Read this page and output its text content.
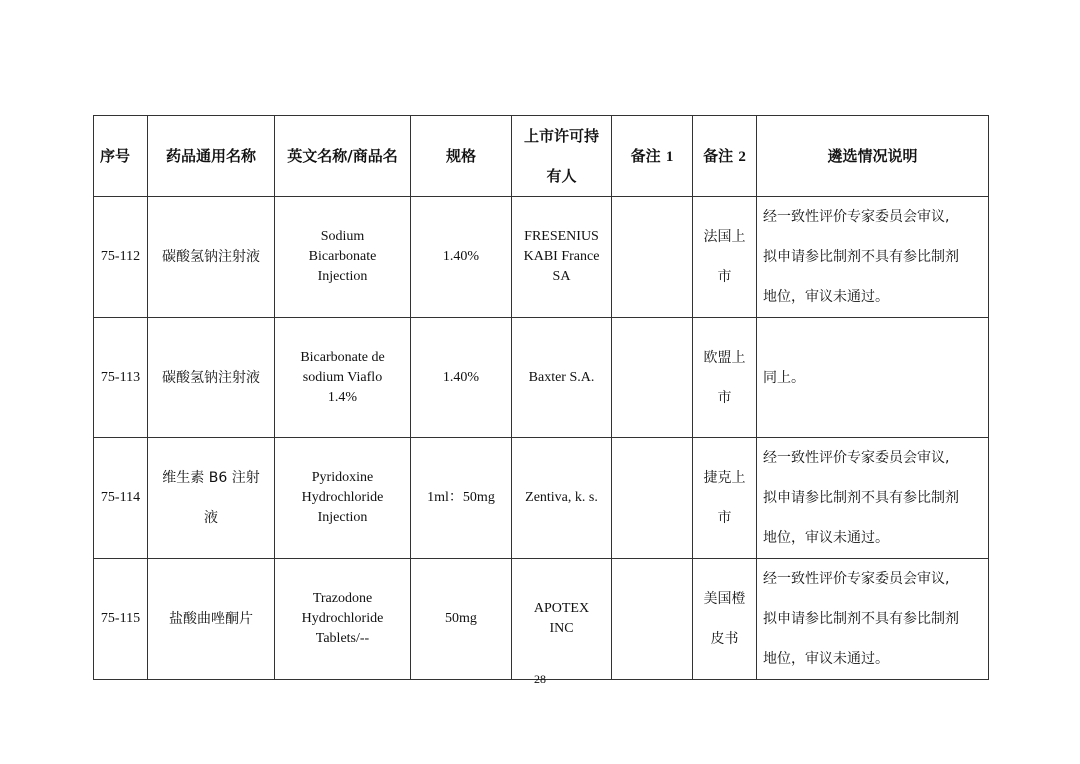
序号	药品通用名称	英文名称/商品名	规格	上市许可持
有人	备注 1	备注 2	遴选情况说明
75-112	碳酸氢钠注射液	Sodium
Bicarbonate
Injection	1.40%	FRESENIUS
KABI France
SA		法国上
市	经一致性评价专家委员会审议,
拟申请参比制剂不具有参比制剂
地位，审议未通过。

75-113	碳酸氢钠注射液	Bicarbonate de
sodium Viaflo
1.4%	1.40%	Baxter S.A.		欧盟上
市	同上。

75-114	维生素 B6 注射
液	Pyridoxine
Hydrochloride
Injection	1ml：50mg	Zentiva, k. s.		捷克上
市	经一致性评价专家委员会审议,
拟申请参比制剂不具有参比制剂
地位，审议未通过。

75-115	盐酸曲唑酮片	Trazodone
Hydrochloride
Tablets/--	50mg	APOTEX
INC		美国橙
皮书	经一致性评价专家委员会审议,
拟申请参比制剂不具有参比制剂
地位，审议未通过。
28
